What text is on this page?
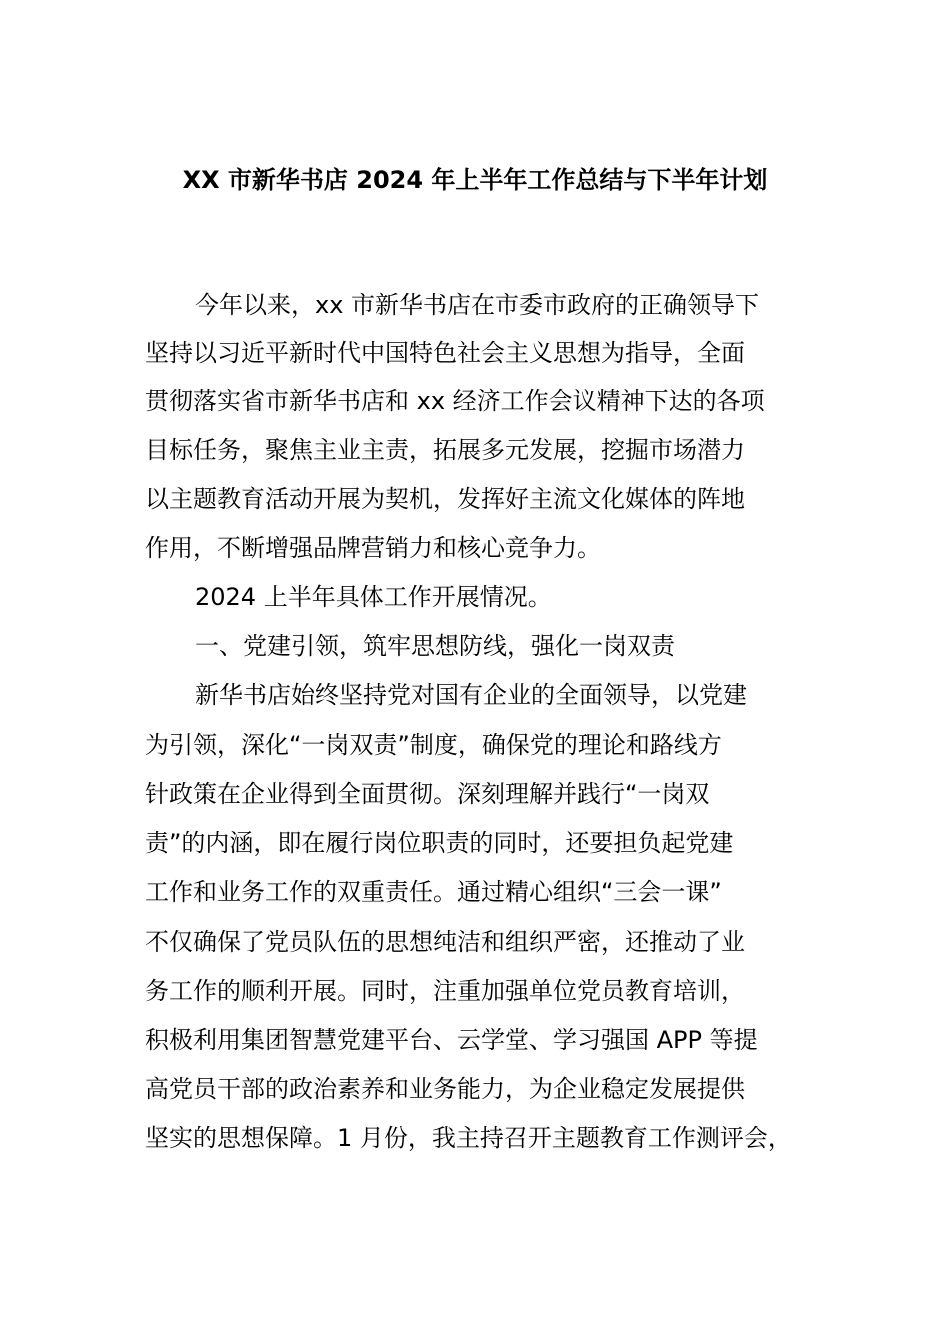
XX 市新华书店 2024 年上半年工作总结与下半年计划

今年以来，xx 市新华书店在市委市政府的正确领导下

坚持以习近平新时代中国特色社会主义思想为指导，全面

贯彻落实省市新华书店和 xx 经济工作会议精神下达的各项

目标任务，聚焦主业主责，拓展多元发展，挖掘市场潜力

以主题教育活动开展为契机，发挥好主流文化媒体的阵地

作用，不断增强品牌营销力和核心竞争力。

2024 上半年具体工作开展情况。

一、党建引领，筑牢思想防线，强化一岗双责

新华书店始终坚持党对国有企业的全面领导，以党建

为引领，深化“一岗双责”制度，确保党的理论和路线方

针政策在企业得到全面贯彻。深刻理解并践行“一岗双

责”的内涵，即在履行岗位职责的同时，还要担负起党建

工作和业务工作的双重责任。通过精心组织“三会一课”

不仅确保了党员队伍的思想纯洁和组织严密，还推动了业

务工作的顺利开展。同时，注重加强单位党员教育培训，

积极利用集团智慧党建平台、云学堂、学习强国 APP 等提

高党员干部的政治素养和业务能力，为企业稳定发展提供

坚实的思想保障。1 月份，我主持召开主题教育工作测评会，
